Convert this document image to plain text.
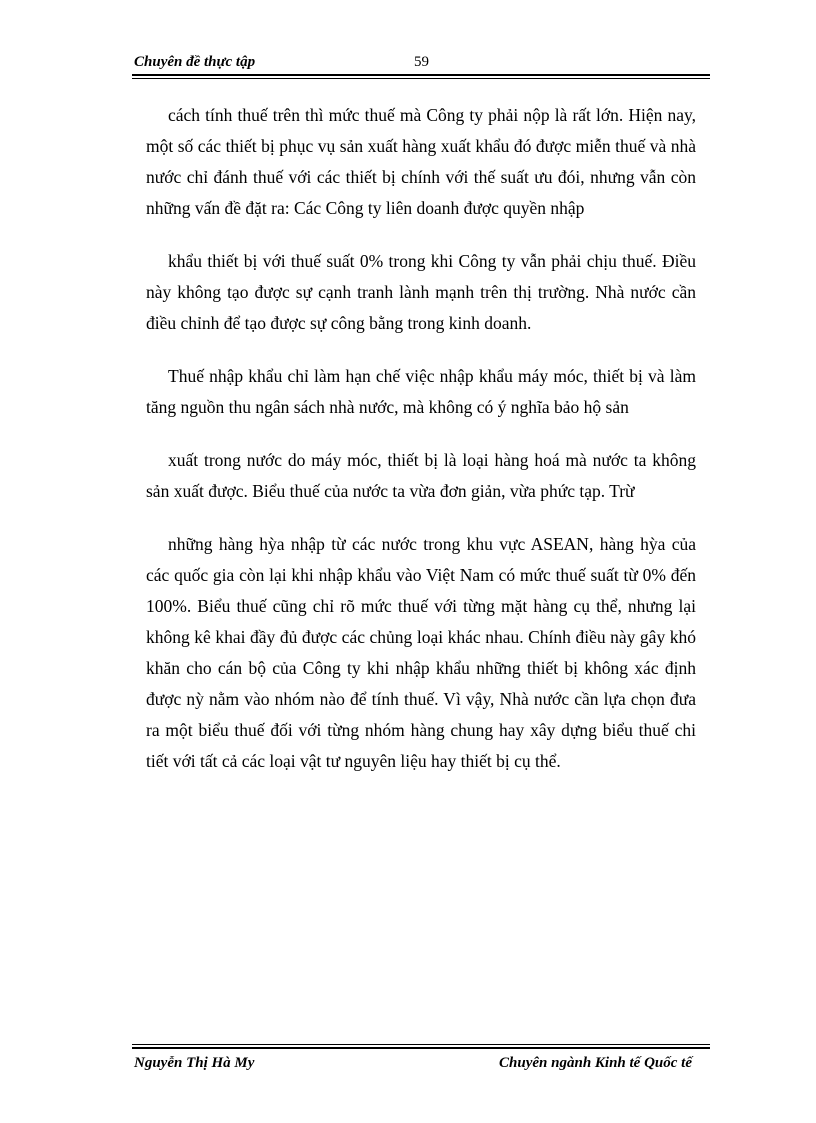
Chuyên đề thực tập	59

cách tính thuế trên thì mức thuế mà Công ty phải nộp là rất lớn. Hiện nay, một số các thiết bị phục vụ sản xuất hàng xuất khẩu đó được miễn thuế và nhà nước chỉ đánh thuế với các thiết bị chính với thế suất ưu đói, nhưng vẫn còn những vấn đề đặt ra: Các Công ty liên doanh được quyền nhập

khẩu thiết bị với thuế suất 0% trong khi Công ty vẫn phải chịu thuế. Điều này không tạo được sự cạnh tranh lành mạnh trên thị trường. Nhà nước cần điều chỉnh để tạo được sự công bằng trong kinh doanh.

Thuế nhập khẩu chỉ làm hạn chế việc nhập khẩu máy móc, thiết bị và làm tăng nguồn thu ngân sách nhà nước, mà không có ý nghĩa bảo hộ sản

xuất trong nước do máy móc, thiết bị là loại hàng hoá mà nước ta không sản xuất được. Biểu thuế của nước ta vừa đơn giản, vừa phức tạp. Trừ

những hàng hỳa nhập từ các nước trong khu vực ASEAN, hàng hỳa của các quốc gia còn lại khi nhập khẩu vào Việt Nam có mức thuế suất từ 0% đến 100%. Biểu thuế cũng chỉ rõ mức thuế với từng mặt hàng cụ thể, nhưng lại không kê khai đầy đủ được các chủng loại khác nhau. Chính điều này gây khó khăn cho cán bộ của Công ty khi nhập khẩu những thiết bị không xác định được nỳ nằm vào nhóm nào để tính thuế. Vì vậy, Nhà nước cần lựa chọn đưa ra một biểu thuế đối với từng nhóm hàng chung hay xây dựng biểu thuế chi tiết với tất cả các loại vật tư nguyên liệu hay thiết bị cụ thể.

Nguyễn Thị Hà My	Chuyên ngành Kinh tế Quốc tế
